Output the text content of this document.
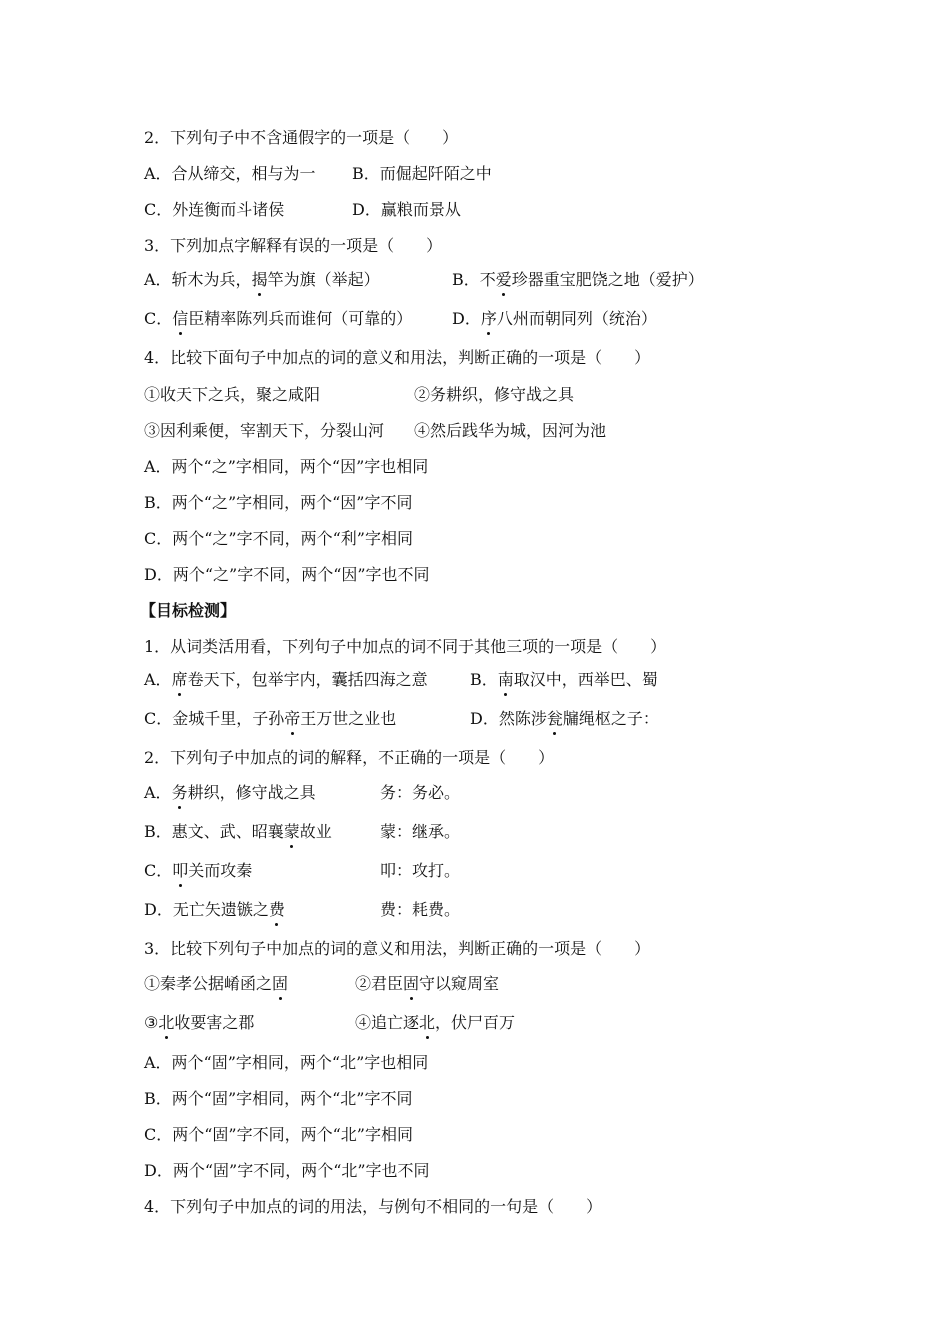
2．下列句子中不含通假字的一项是（　　）
A．合从缔交，相与为一 B．而倔起阡陌之中
C．外连衡而斗诸侯	D．赢粮而景从
3．下列加点字解释有误的一项是（　　）
A．斩木为兵，揭竿为旗（举起）	B．不爱珍器重宝肥饶之地（爱护）
C．信臣精率陈列兵而谁何（可靠的） D．序八州而朝同列（统治）
4．比较下面句子中加点的词的意义和用法，判断正确的一项是（　　）
①收天下之兵，聚之咸阳	②务耕织，修守战之具
③因利乘便，宰割天下，分裂山河 ④然后践华为城，因河为池
A．两个“之”字相同，两个“因”字也相同
B．两个“之”字相同，两个“因”字不同
C．两个“之”字不同，两个“利”字相同
D．两个“之”字不同，两个“因”字也不同
【目标检测】
1．从词类活用看，下列句子中加点的词不同于其他三项的一项是（　　）
A．席卷天下，包举宇内，囊括四海之意	B．南取汉中，西举巴、蜀
C．金城千里，子孙帝王万世之业也	D．然陈涉瓮牖绳枢之子：
2．下列句子中加点的词的解释，不正确的一项是（　　）
A．务耕织，修守战之具	务：务必。
B．惠文、武、昭襄蒙故业	蒙：继承。
C．叩关而攻秦	叩：攻打。
D．无亡矢遗镞之费	费：耗费。
3．比较下列句子中加点的词的意义和用法，判断正确的一项是（　　）
①秦孝公据崤函之固	②君臣固守以窥周室
③北收要害之郡	④追亡逐北，伏尸百万
A．两个“固”字相同，两个“北”字也相同
B．两个“固”字相同，两个“北”字不同
C．两个“固”字不同，两个“北”字相同
D．两个“固”字不同，两个“北”字也不同
4．下列句子中加点的词的用法，与例句不相同的一句是（　　）
